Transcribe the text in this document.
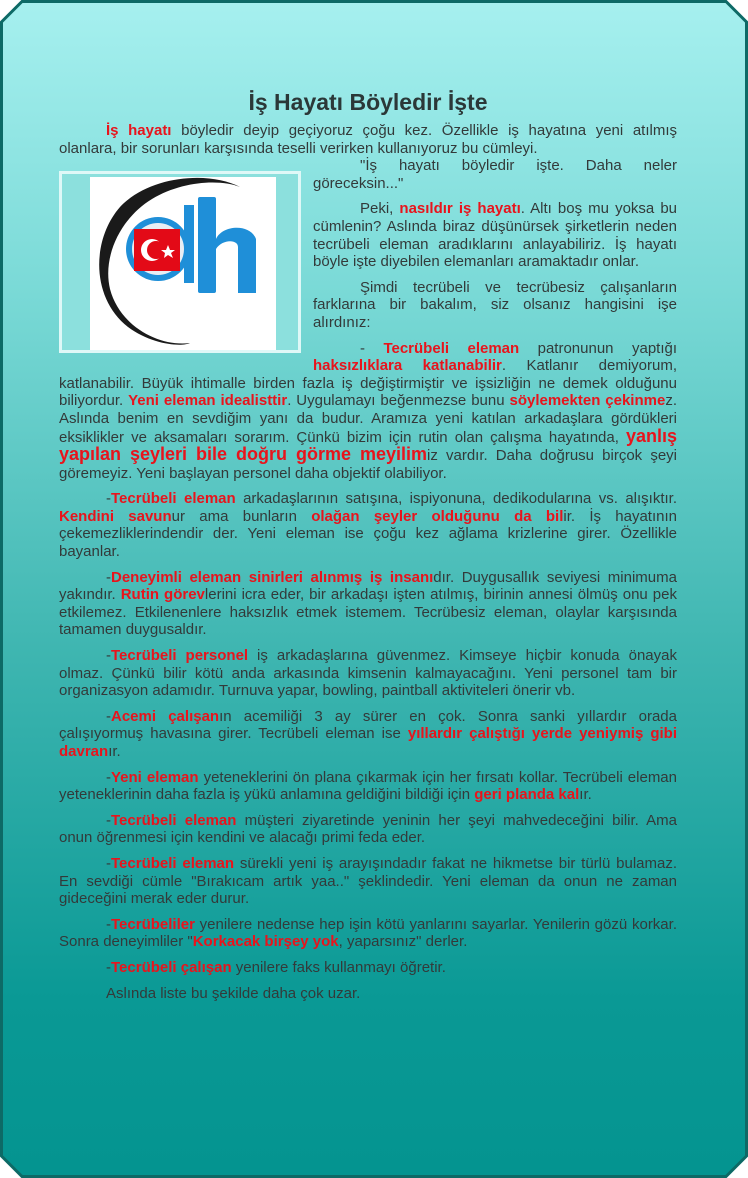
İş Hayatı Böyledir İşte

İş hayatı böyledir deyip geçiyoruz çoğu kez. Özellikle iş hayatına yeni atılmış olanlara, bir sorunları karşısında teselli verirken kullanıyoruz bu cümleyi.

"İş hayatı böyledir işte. Daha neler göreceksin..."

Peki, nasıldır iş hayatı. Altı boş mu yoksa bu cümlenin? Aslında biraz düşünürsek şirketlerin neden tecrübeli eleman aradıklarını anlayabiliriz. İş hayatı böyle işte diyebilen elemanları aramaktadır onlar.

Şimdi tecrübeli ve tecrübesiz çalışanların farklarına bir bakalım, siz olsanız hangisini işe alırdınız:

- Tecrübeli eleman patronunun yaptığı haksızlıklara katlanabilir. Katlanır demiyorum, katlanabilir. Büyük ihtimalle birden fazla iş değiştirmiştir ve işsizliğin ne demek olduğunu biliyordur. Yeni eleman idealisttir. Uygulamayı beğenmezse bunu söylemekten çekinmez. Aslında benim en sevdiğim yanı da budur. Aramıza yeni katılan arkadaşlara gördükleri eksiklikler ve aksamaları sorarım. Çünkü bizim için rutin olan çalışma hayatında, yanlış yapılan şeyleri bile doğru görme meyilimiz vardır. Daha doğrusu birçok şeyi göremeyiz. Yeni başlayan personel daha objektif olabiliyor.

-Tecrübeli eleman arkadaşlarının satışına, ispiyonuna, dedikodularına vs. alışıktır. Kendini savunur ama bunların olağan şeyler olduğunu da bilir. İş hayatının çekemezliklerindendir der. Yeni eleman ise çoğu kez ağlama krizlerine girer. Özellikle bayanlar.

-Deneyimli eleman sinirleri alınmış iş insanıdır. Duygusallık seviyesi minimuma yakındır. Rutin görevlerini icra eder, bir arkadaşı işten atılmış, birinin annesi ölmüş onu pek etkilemez. Etkilenenlere haksızlık etmek istemem. Tecrübesiz eleman, olaylar karşısında tamamen duygusaldır.

-Tecrübeli personel iş arkadaşlarına güvenmez. Kimseye hiçbir konuda önayak olmaz. Çünkü bilir kötü anda arkasında kimsenin kalmayacağını. Yeni personel tam bir organizasyon adamıdır. Turnuva yapar, bowling, paintball aktiviteleri önerir vb.

-Acemi çalışanın acemiliği 3 ay sürer en çok. Sonra sanki yıllardır orada çalışıyormuş havasına girer. Tecrübeli eleman ise yıllardır çalıştığı yerde yeniymiş gibi davranır.

-Yeni eleman yeteneklerini ön plana çıkarmak için her fırsatı kollar. Tecrübeli eleman yeteneklerinin daha fazla iş yükü anlamına geldiğini bildiği için geri planda kalır.

-Tecrübeli eleman müşteri ziyaretinde yeninin her şeyi mahvedeceğini bilir. Ama onun öğrenmesi için kendini ve alacağı primi feda eder.

-Tecrübeli eleman sürekli yeni iş arayışındadır fakat ne hikmetse bir türlü bulamaz. En sevdiği cümle "Bırakıcam artık yaa.." şeklindedir. Yeni eleman da onun ne zaman gideceğini merak eder durur.

-Tecrübeliler yenilere nedense hep işin kötü yanlarını sayarlar. Yenilerin gözü korkar. Sonra deneyimliler "Korkacak birşey yok, yaparsınız" derler.

-Tecrübeli çalışan yenilere faks kullanmayı öğretir.

Aslında liste bu şekilde daha çok uzar.
